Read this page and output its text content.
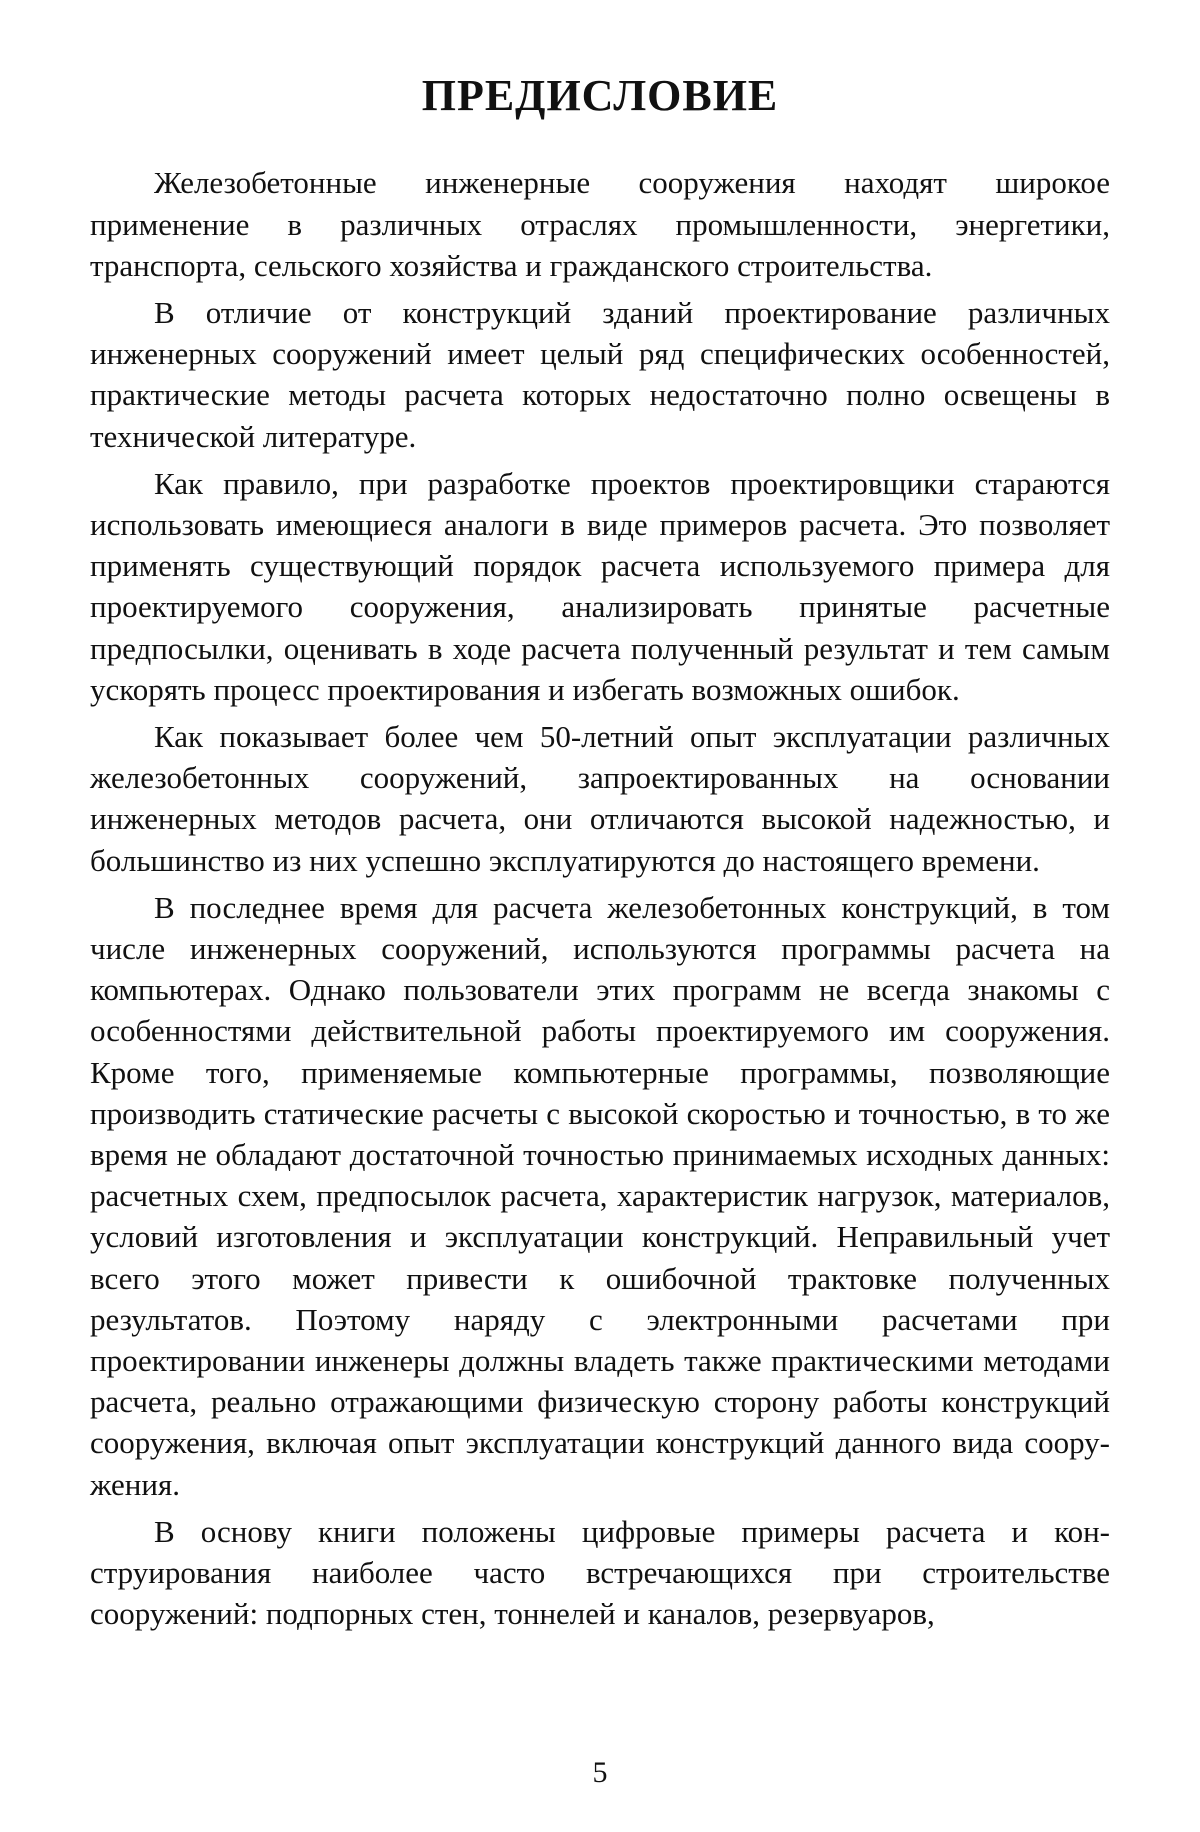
ПРЕДИСЛОВИЕ

Железобетонные инженерные сооружения находят широкое применение в различных отраслях промышленности, энергетики, транспорта, сельского хозяйства и гражданского строительства.

В отличие от конструкций зданий проектирование различных инженерных сооружений имеет целый ряд специфических особенностей, практические методы расчета которых недостаточно полно освещены в технической литературе.

Как правило, при разработке проектов проектировщики стараются использовать имеющиеся аналоги в виде примеров расчета. Это позволяет применять существующий порядок расчета используемого примера для проектируемого сооружения, анализировать принятые расчетные предпосылки, оценивать в ходе расчета полученный результат и тем самым ускорять процесс проектирования и избегать возможных ошибок.

Как показывает более чем 50-летний опыт эксплуатации различных железобетонных сооружений, запроектированных на основании инженерных методов расчета, они отличаются высокой надежностью, и большинство из них успешно эксплуатируются до настоящего времени.

В последнее время для расчета железобетонных конструкций, в том числе инженерных сооружений, используются программы расчета на компьютерах. Однако пользователи этих программ не всегда знакомы с особенностями действительной работы проектируемого им сооружения. Кроме того, применяемые компьютерные программы, позволяющие производить статические расчеты с высокой скоростью и точностью, в то же время не обладают достаточной точностью принимаемых исходных данных: расчетных схем, предпосылок расчета, характеристик нагрузок, материалов, условий изготовления и эксплуатации конструкций. Неправильный учет всего этого может привести к ошибочной трактовке полученных результатов. Поэтому наряду с электронными расчетами при проектировании инженеры должны владеть также практическими методами расчета, реально отражающими физическую сторону работы конструкций сооружения, включая опыт эксплуатации конструкций данного вида сооружения.

В основу книги положены цифровые примеры расчета и конструирования наиболее часто встречающихся при строительстве сооружений: подпорных стен, тоннелей и каналов, резервуаров,

5
